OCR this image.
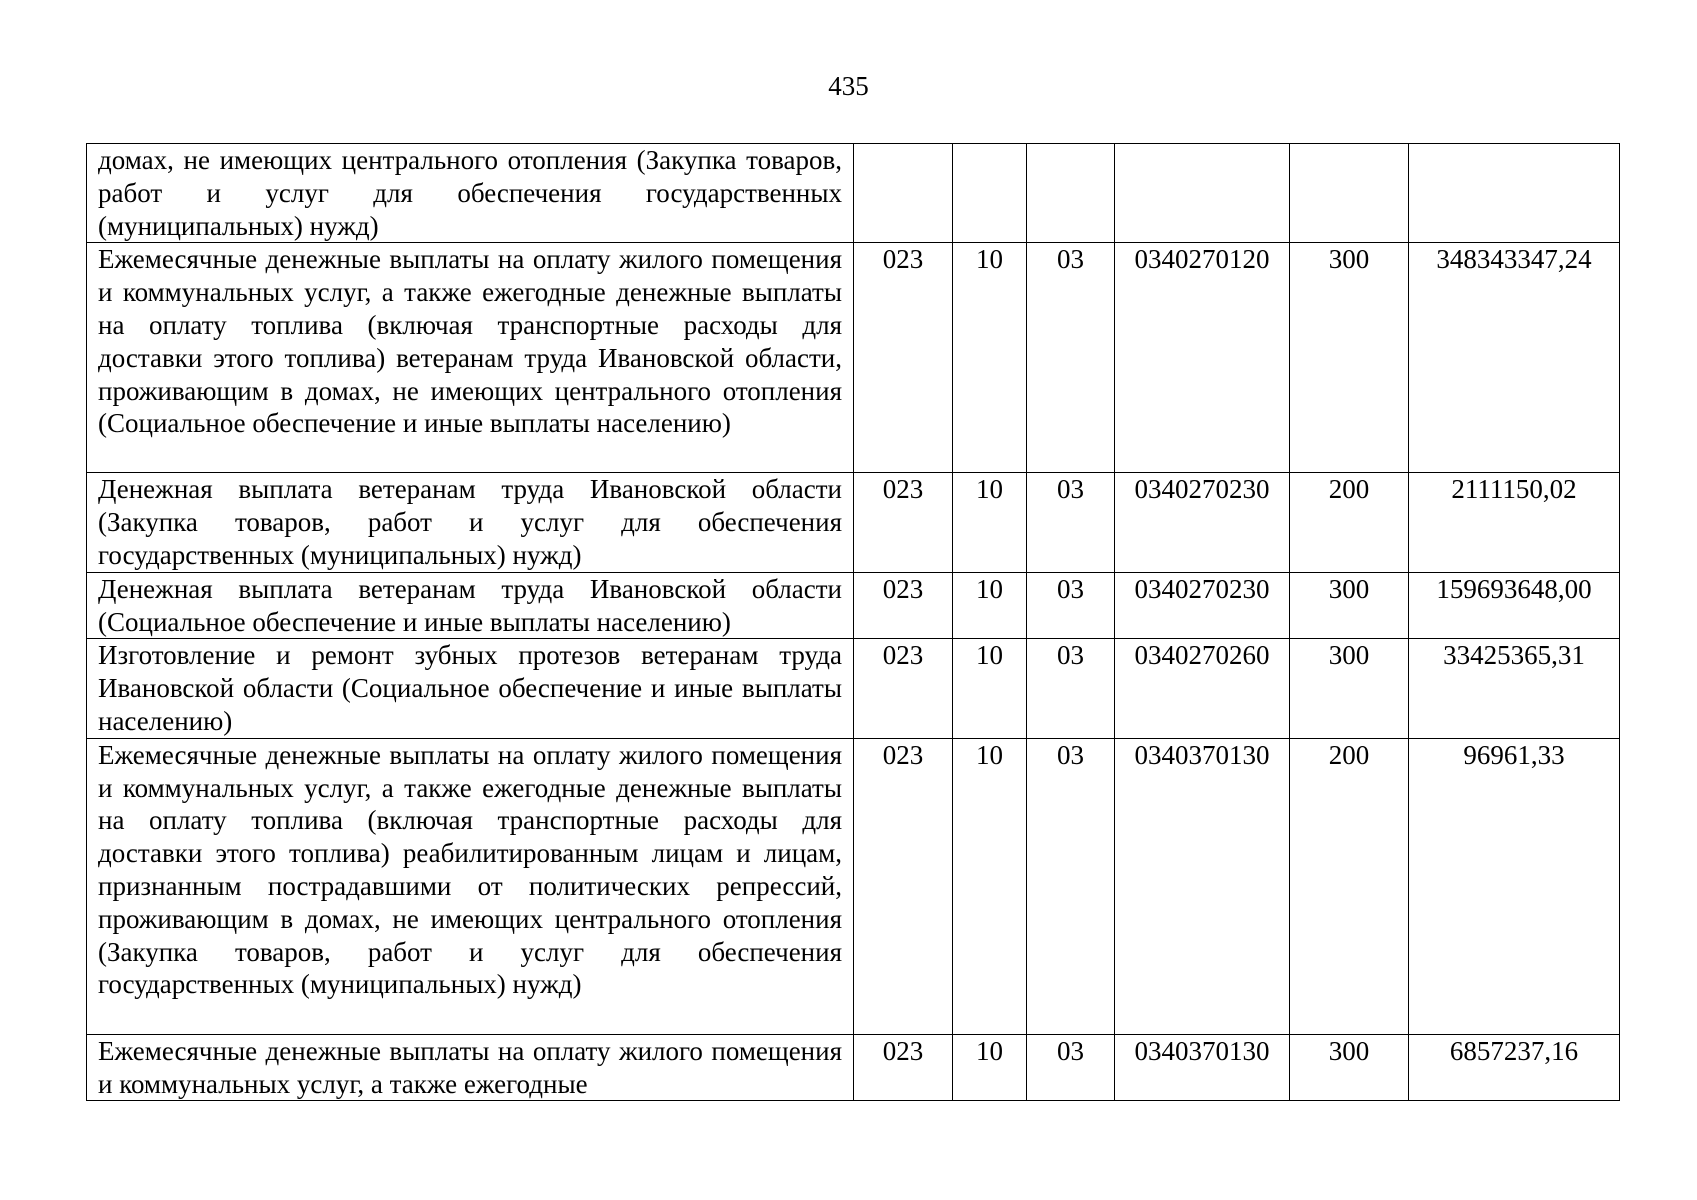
435
домах, не имеющих центрального отопления (Закупка товаров, работ и услуг для обеспечения государственных (муниципальных) нужд)						
Ежемесячные денежные выплаты на оплату жилого помещения и коммунальных услуг, а также ежегодные денежные выплаты на оплату топлива (включая транспортные расходы для доставки этого топлива) ветеранам труда Ивановской области, проживающим в домах, не имеющих центрального отопления (Социальное обеспечение и иные выплаты населению)	023	10	03	0340270120	300	348343347,24
Денежная выплата ветеранам труда Ивановской области (Закупка товаров, работ и услуг для обеспечения государственных (муниципальных) нужд)	023	10	03	0340270230	200	2111150,02
Денежная выплата ветеранам труда Ивановской области (Социальное обеспечение и иные выплаты населению)	023	10	03	0340270230	300	159693648,00
Изготовление и ремонт зубных протезов ветеранам труда Ивановской области (Социальное обеспечение и иные выплаты населению)	023	10	03	0340270260	300	33425365,31
Ежемесячные денежные выплаты на оплату жилого помещения и коммунальных услуг, а также ежегодные денежные выплаты на оплату топлива (включая транспортные расходы для доставки этого топлива) реабилитированным лицам и лицам, признанным пострадавшими от политических репрессий, проживающим в домах, не имеющих центрального отопления (Закупка товаров, работ и услуг для обеспечения государственных (муниципальных) нужд)	023	10	03	0340370130	200	96961,33
Ежемесячные денежные выплаты на оплату жилого помещения и коммунальных услуг, а также ежегодные	023	10	03	0340370130	300	6857237,16
